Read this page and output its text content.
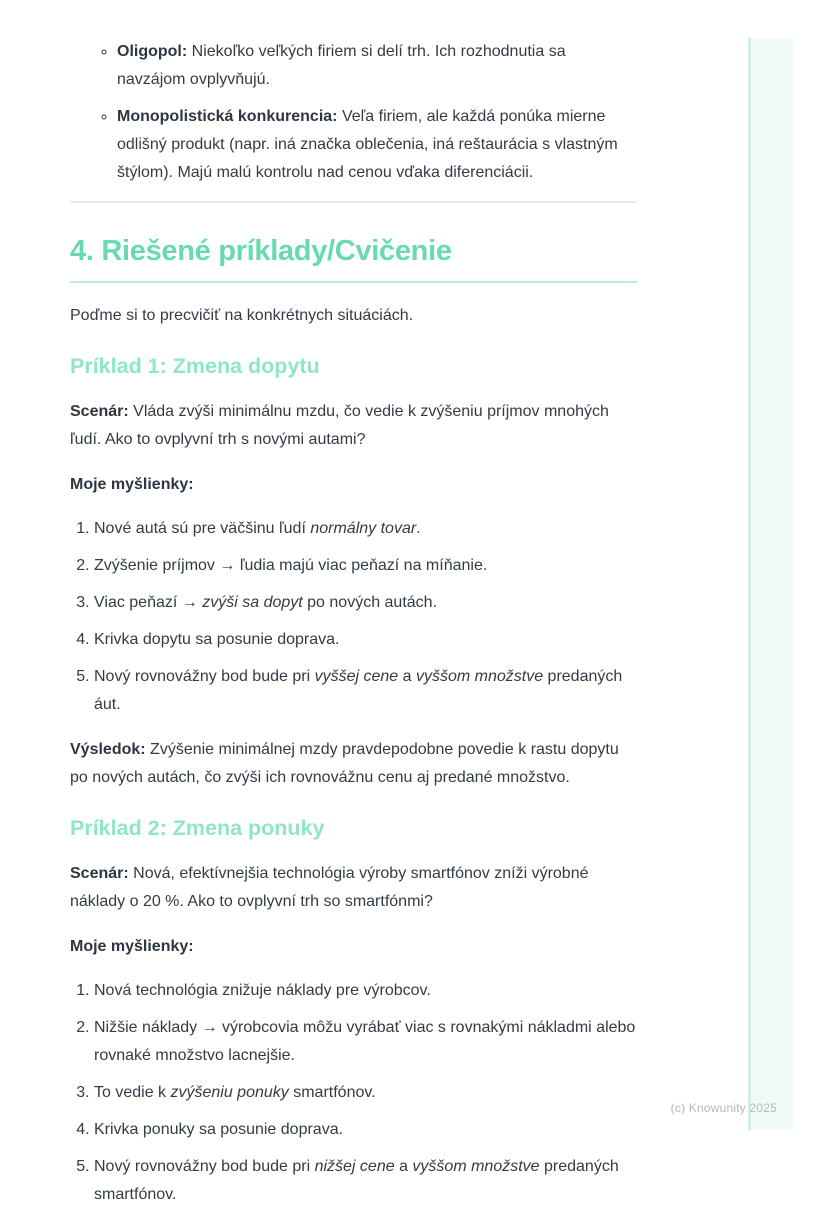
◦ Oligopol: Niekoľko veľkých firiem si delí trh. Ich rozhodnutia sa navzájom ovplyvňujú.
◦ Monopolistická konkurencia: Veľa firiem, ale každá ponúka mierne odlišný produkt (napr. iná značka oblečenia, iná reštaurácia s vlastným štýlom). Majú malú kontrolu nad cenou vďaka diferenciácii.
4. Riešené príklady/Cvičenie

Poďme si to precvičiť na konkrétnych situáciách.

Príklad 1: Zmena dopytu

Scenár: Vláda zvýši minimálnu mzdu, čo vedie k zvýšeniu príjmov mnohých ľudí. Ako to ovplyvní trh s novými autami?

Moje myšlienky:

1. Nové autá sú pre väčšinu ľudí normálny tovar.
2. Zvýšenie príjmov → ľudia majú viac peňazí na míňanie.
3. Viac peňazí → zvýši sa dopyt po nových autách.
4. Krivka dopytu sa posunie doprava.
5. Nový rovnovážny bod bude pri vyššej cene a vyššom množstve predaných áut.

Výsledok: Zvýšenie minimálnej mzdy pravdepodobne povedie k rastu dopytu po nových autách, čo zvýši ich rovnovážnu cenu aj predané množstvo.

Príklad 2: Zmena ponuky

Scenár: Nová, efektívnejšia technológia výroby smartfónov zníži výrobné náklady o 20 %. Ako to ovplyvní trh so smartfónmi?

Moje myšlienky:

1. Nová technológia znižuje náklady pre výrobcov.
2. Nižšie náklady → výrobcovia môžu vyrábať viac s rovnakými nákladmi alebo rovnaké množstvo lacnejšie.
3. To vedie k zvýšeniu ponuky smartfónov.
4. Krivka ponuky sa posunie doprava.
5. Nový rovnovážny bod bude pri nižšej cene a vyššom množstve predaných smartfónov.
(c) Knowunity 2025
